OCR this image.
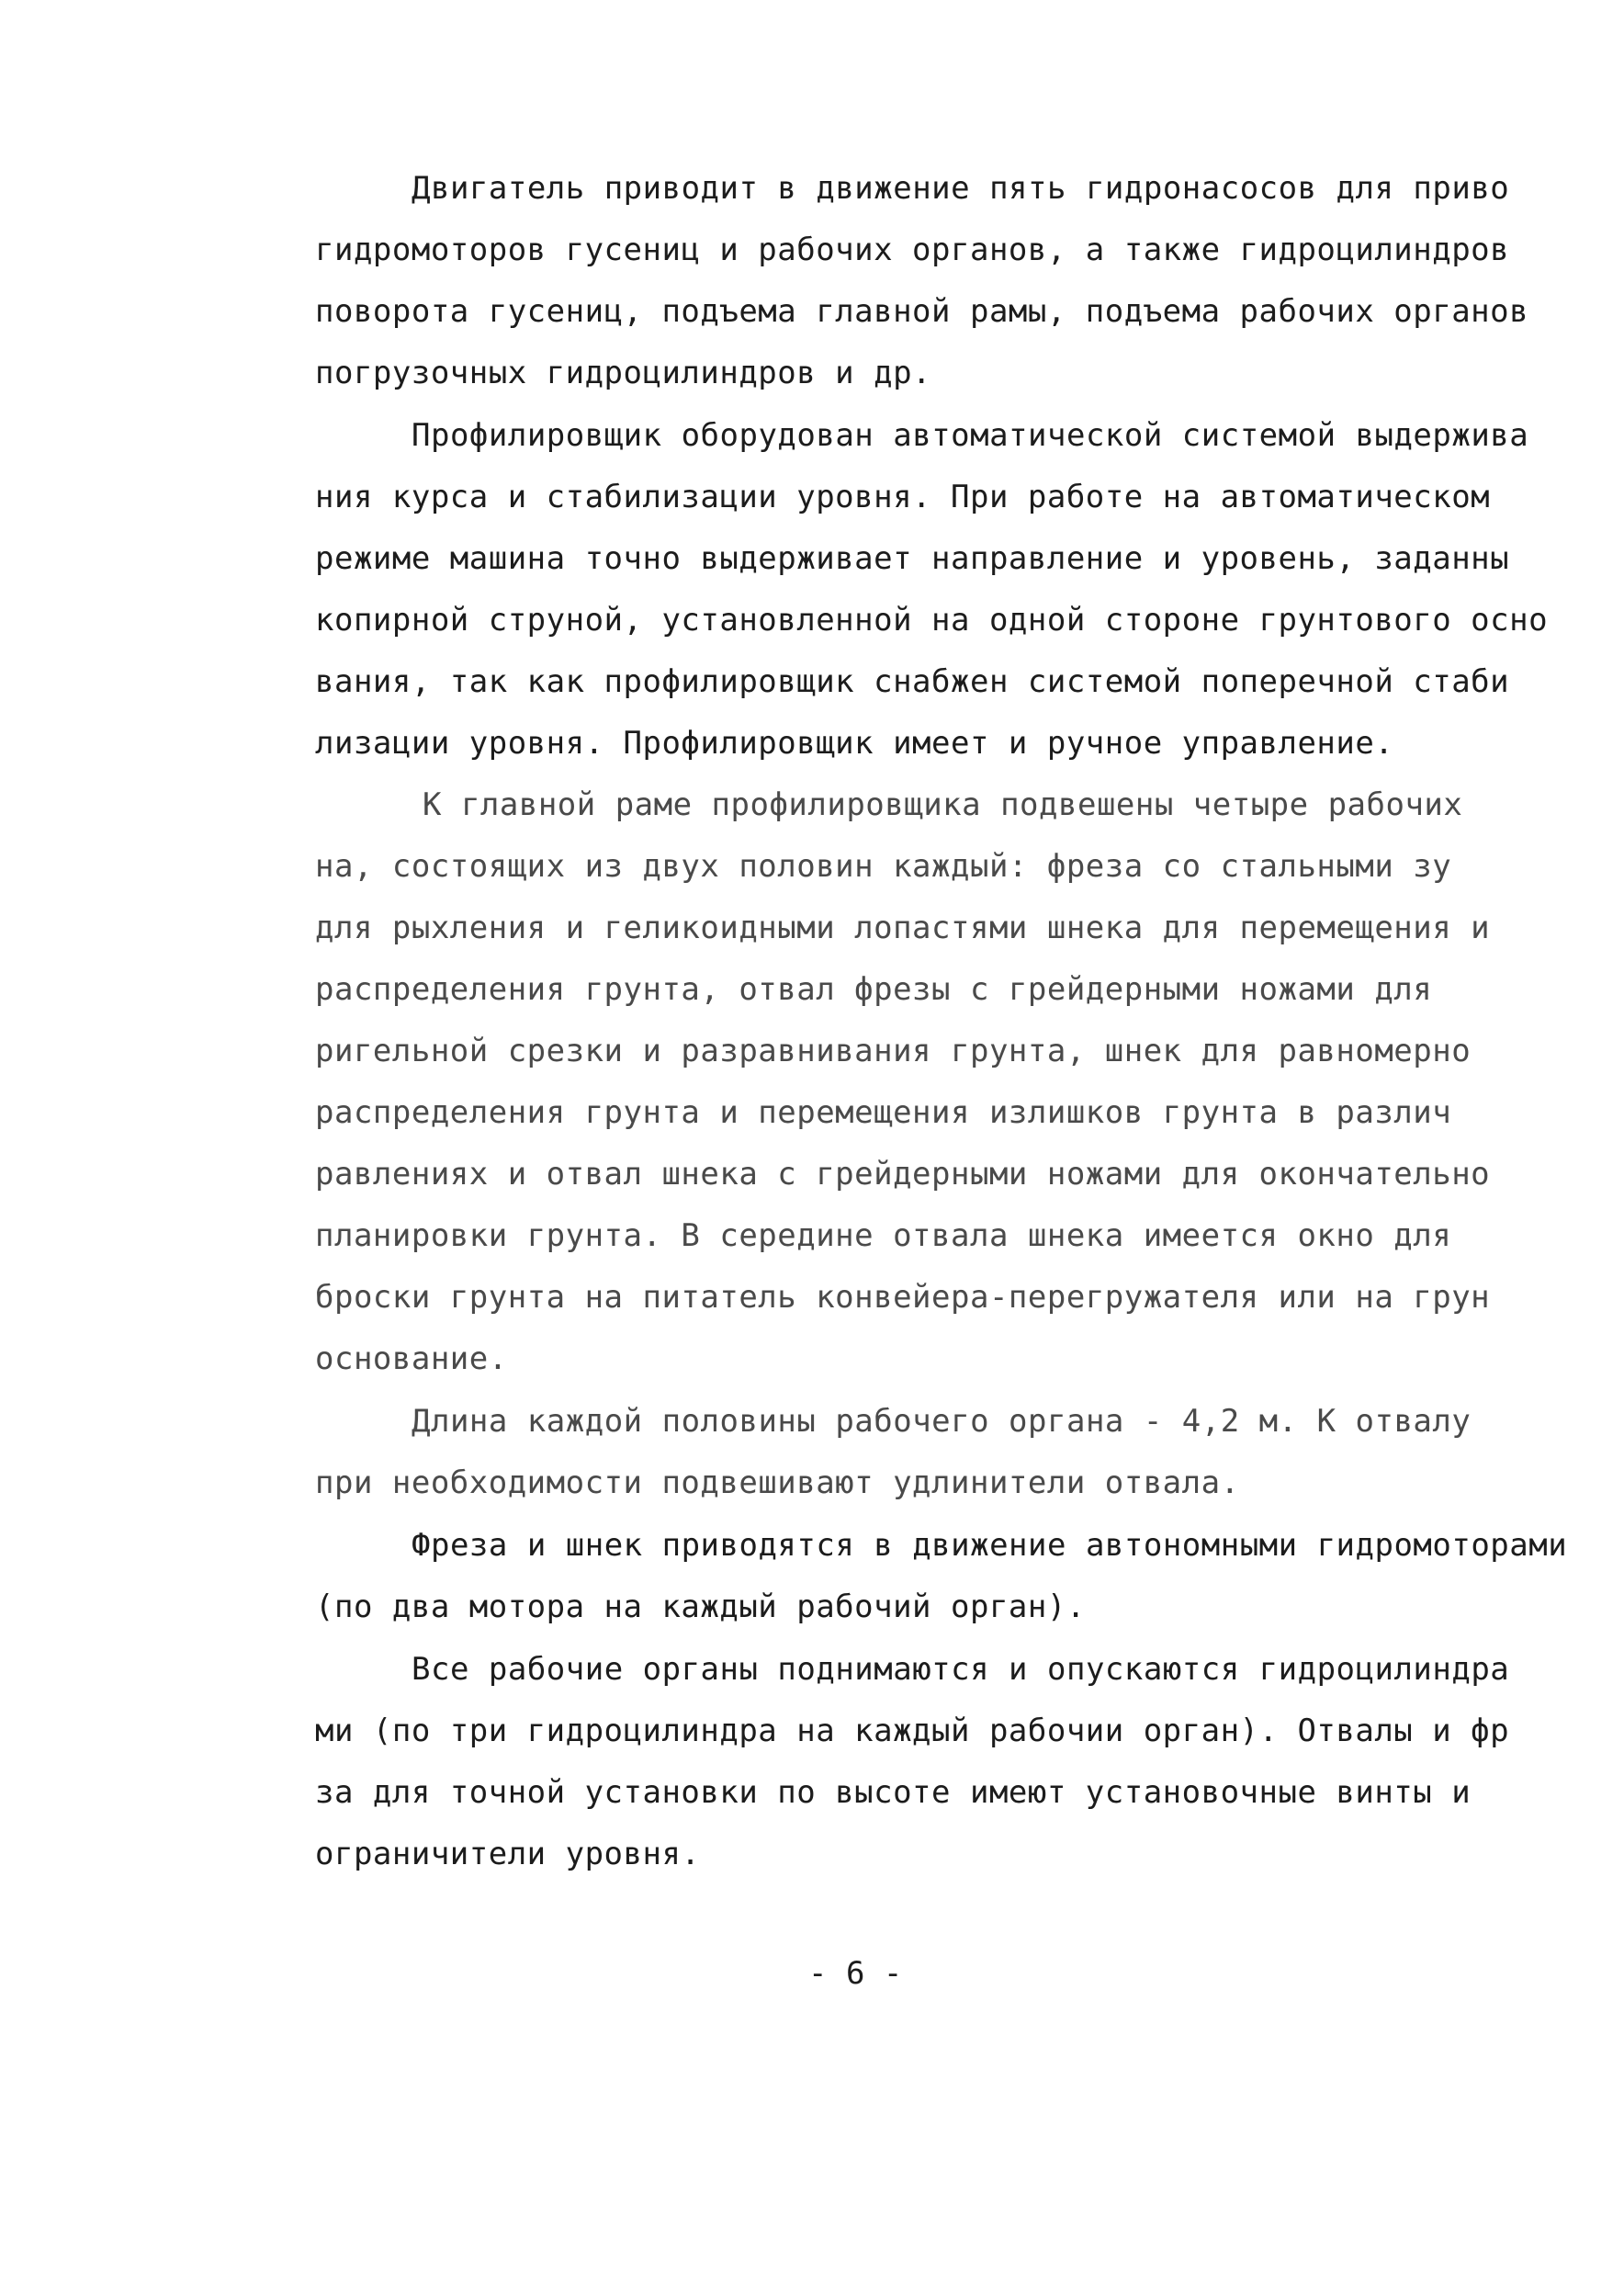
Двигатель приводит в движение пять гидронасосов для приво
гидромоторов гусениц и рабочих органов, а также гидроцилиндров
поворота гусениц, подъема главной рамы, подъема рабочих органов
погрузочных гидроцилиндров и др.
Профилировщик оборудован автоматической системой выдержива
ния курса и стабилизации уровня. При работе на автоматическом
режиме машина точно выдерживает направление и уровень, заданны
копирной струной, установленной на одной стороне грунтового осно
вания, так как профилировщик снабжен системой поперечной стаби
лизации уровня. Профилировщик имеет и ручное управление.
К главной раме профилировщика подвешены четыре рабочих
на, состоящих из двух половин каждый: фреза со стальными зу
для рыхления и геликоидными лопастями шнека для перемещения и
распределения грунта, отвал фрезы с грейдерными ножами для
ригельной срезки и разравнивания грунта, шнек для равномерно
распределения грунта и перемещения излишков грунта в различ
равлениях и отвал шнека с грейдерными ножами для окончательно
планировки грунта. В середине отвала шнека имеется окно для
броски грунта на питатель конвейера-перегружателя или на грун
основание.
Длина каждой половины рабочего органа - 4,2 м. К отвалу
при необходимости подвешивают удлинители отвала.
Фреза и шнек приводятся в движение автономными гидромоторами
(по два мотора на каждый рабочий орган).
Все рабочие органы поднимаются и опускаются гидроцилиндра
ми (по три гидроцилиндра на каждый рабочии орган). Отвалы и фр
за для точной установки по высоте имеют установочные винты и
ограничители уровня.
- 6 -
